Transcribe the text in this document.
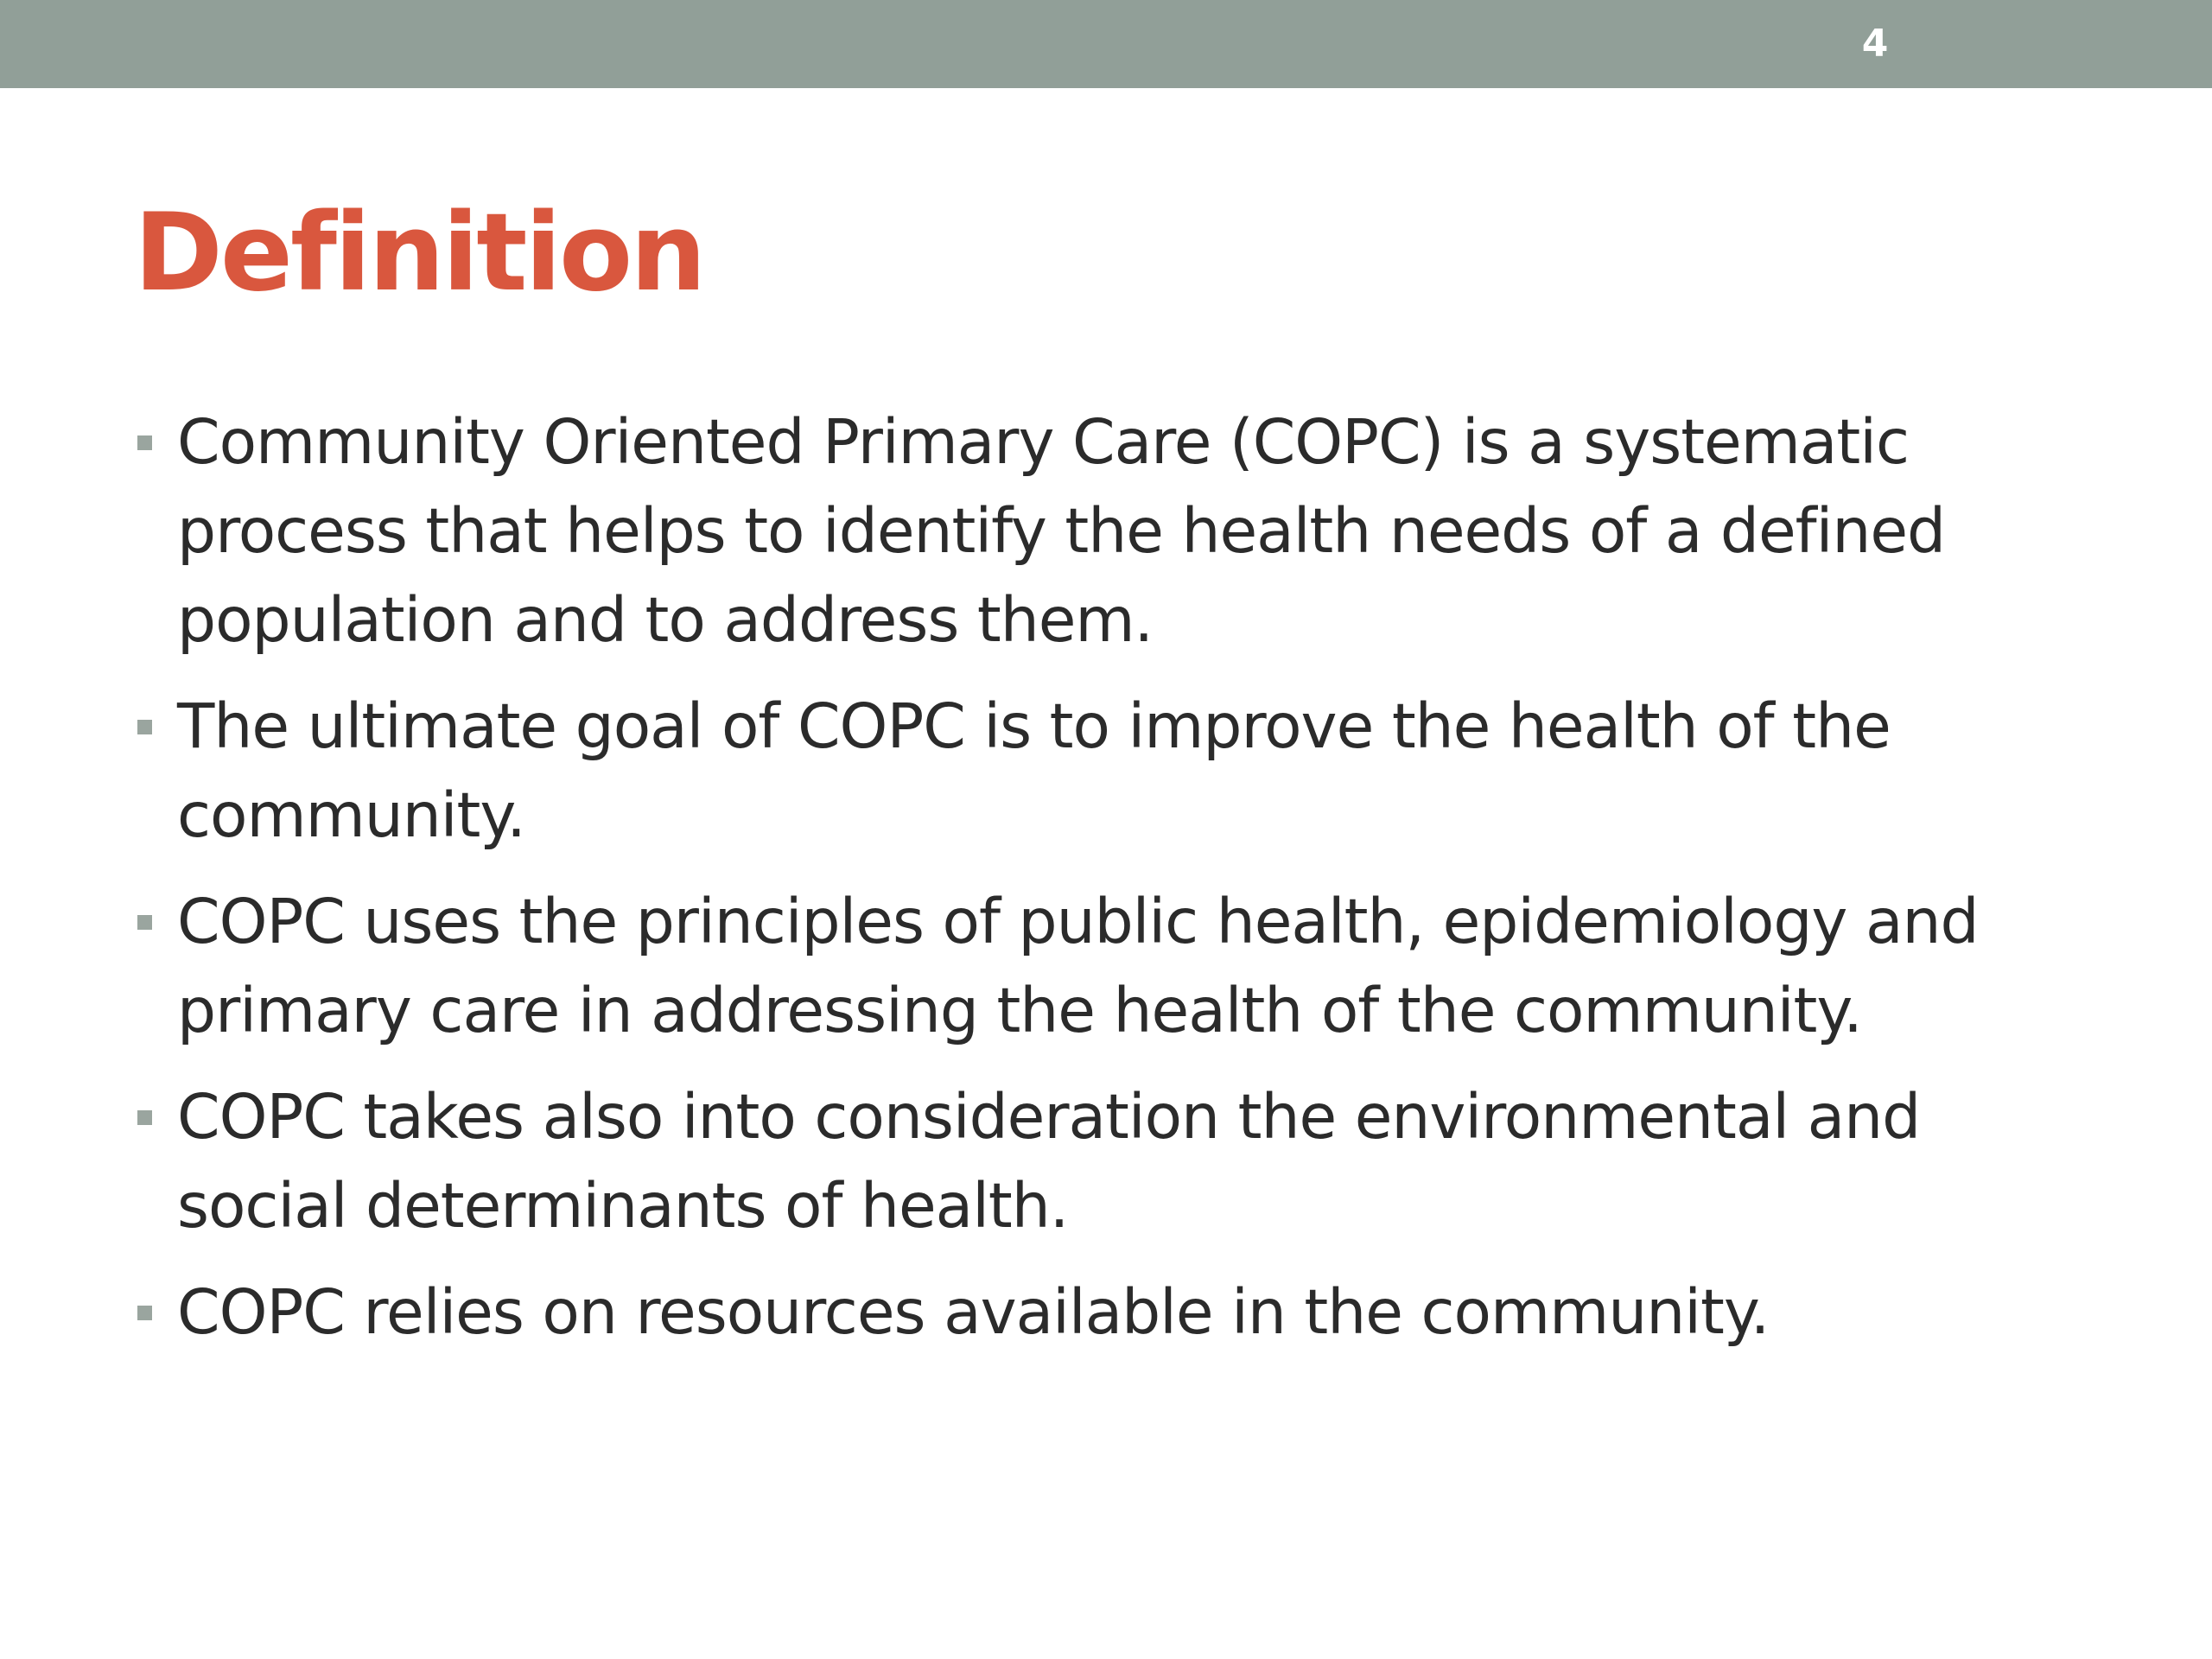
4
Definition
Community Oriented Primary Care (COPC) is a systematic process that helps to identify the health needs of a defined population and to address them.
The ultimate goal of COPC is to improve the health of the community.
COPC uses the principles of public health, epidemiology and primary care in addressing the health of the community.
COPC takes also into consideration the environmental and social determinants of health.
COPC relies on resources available in the community.
